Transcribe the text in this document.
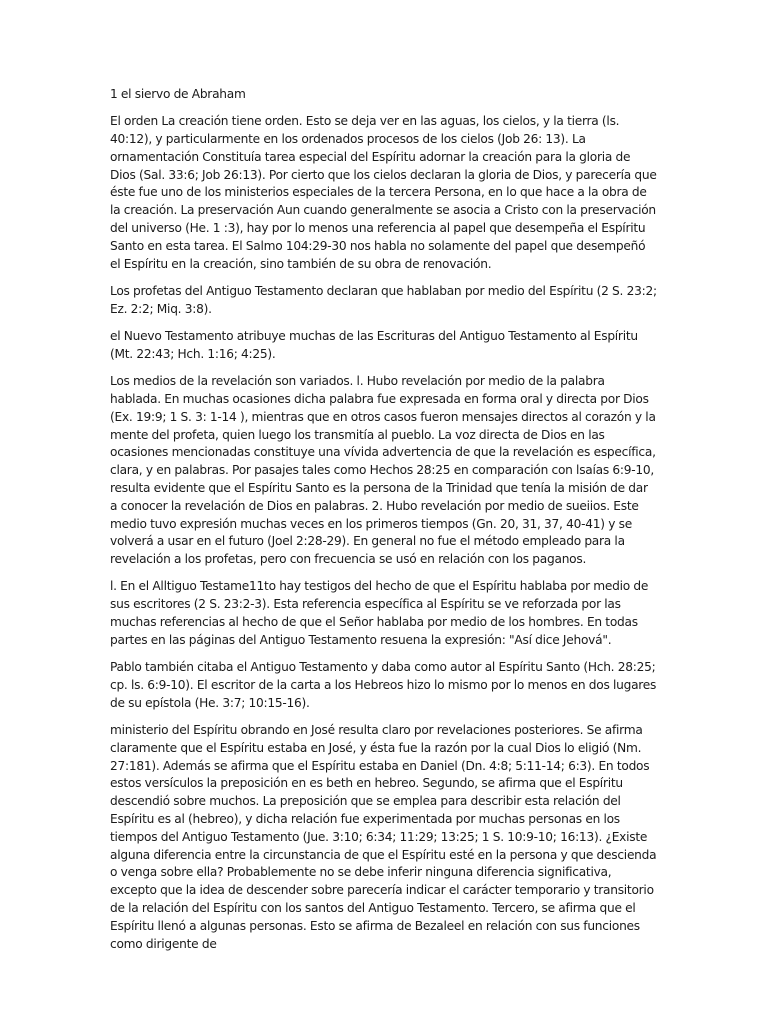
1 el siervo de Abraham

El orden La creación tiene orden. Esto se deja ver en las aguas, los cielos, y la tierra (ls. 40:12), y particularmente en los ordenados procesos de los cielos (Job 26: 13). La ornamentación Constituía tarea especial del Espíritu adornar la creación para la gloria de Dios (Sal. 33:6; Job 26:13). Por cierto que los cielos declaran la gloria de Dios, y parecería que éste fue uno de los ministerios especiales de la tercera Persona, en lo que hace a la obra de la creación. La preservación Aun cuando generalmente se asocia a Cristo con la preservación del universo (He. 1 :3), hay por lo menos una referencia al papel que desempeña el Espíritu Santo en esta tarea. El Salmo 104:29-30 nos habla no solamente del papel que desempeñó el Espíritu en la creación, sino también de su obra de renovación.

Los profetas del Antiguo Testamento declaran que hablaban por medio del Espíritu (2 S. 23:2; Ez. 2:2; Miq. 3:8).

el Nuevo Testamento atribuye muchas de las Escrituras del Antiguo Testamento al Espíritu (Mt. 22:43; Hch. 1:16; 4:25).

Los medios de la revelación son variados. l. Hubo revelación por medio de la palabra hablada. En muchas ocasiones dicha palabra fue expresada en forma oral y directa por Dios (Ex. 19:9; 1 S. 3: 1-14 ), mientras que en otros casos fueron mensajes directos al corazón y la mente del profeta, quien luego los transmitía al pueblo. La voz directa de Dios en las ocasiones mencionadas constituye una vívida advertencia de que la revelación es específica, clara, y en palabras. Por pasajes tales como Hechos 28:25 en comparación con lsaías 6:9-10, resulta evidente que el Espíritu Santo es la persona de la Trinidad que tenía la misión de dar a conocer la revelación de Dios en palabras. 2. Hubo revelación por medio de sueiios. Este medio tuvo expresión muchas veces en los primeros tiempos (Gn. 20, 31, 37, 40-41) y se volverá a usar en el futuro (Joel 2:28-29). En general no fue el método empleado para la revelación a los profetas, pero con frecuencia se usó en relación con los paganos.

l. En el Alltiguo Testame11to hay testigos del hecho de que el Espíritu hablaba por medio de sus escritores (2 S. 23:2-3). Esta referencia específica al Espíritu se ve reforzada por las muchas referencias al hecho de que el Señor hablaba por medio de los hombres. En todas partes en las páginas del Antiguo Testamento resuena la expresión: "Así dice Jehová".

Pablo también citaba el Antiguo Testamento y daba como autor al Espíritu Santo (Hch. 28:25; cp. ls. 6:9-10). El escritor de la carta a los Hebreos hizo lo mismo por lo menos en dos lugares de su epístola (He. 3:7; 10:15-16).

ministerio del Espíritu obrando en José resulta claro por revelaciones posteriores. Se afirma claramente que el Espíritu estaba en José, y ésta fue la razón por la cual Dios lo eligió (Nm. 27:181). Además se afirma que el Espíritu estaba en Daniel (Dn. 4:8; 5:11-14; 6:3). En todos estos versículos la preposición en es beth en hebreo. Segundo, se afirma que el Espíritu descendió sobre muchos. La preposición que se emplea para describir esta relación del Espíritu es al (hebreo), y dicha relación fue experimentada por muchas personas en los tiempos del Antiguo Testamento (Jue. 3:10; 6:34; 11:29; 13:25; 1 S. 10:9-10; 16:13). ¿Existe alguna diferencia entre la circunstancia de que el Espíritu esté en la persona y que descienda o venga sobre ella? Probablemente no se debe inferir ninguna diferencia significativa, excepto que la idea de descender sobre parecería indicar el carácter temporario y transitorio de la relación del Espíritu con los santos del Antiguo Testamento. Tercero, se afirma que el Espíritu llenó a algunas personas. Esto se afirma de Bezaleel en relación con sus funciones como dirigente de
